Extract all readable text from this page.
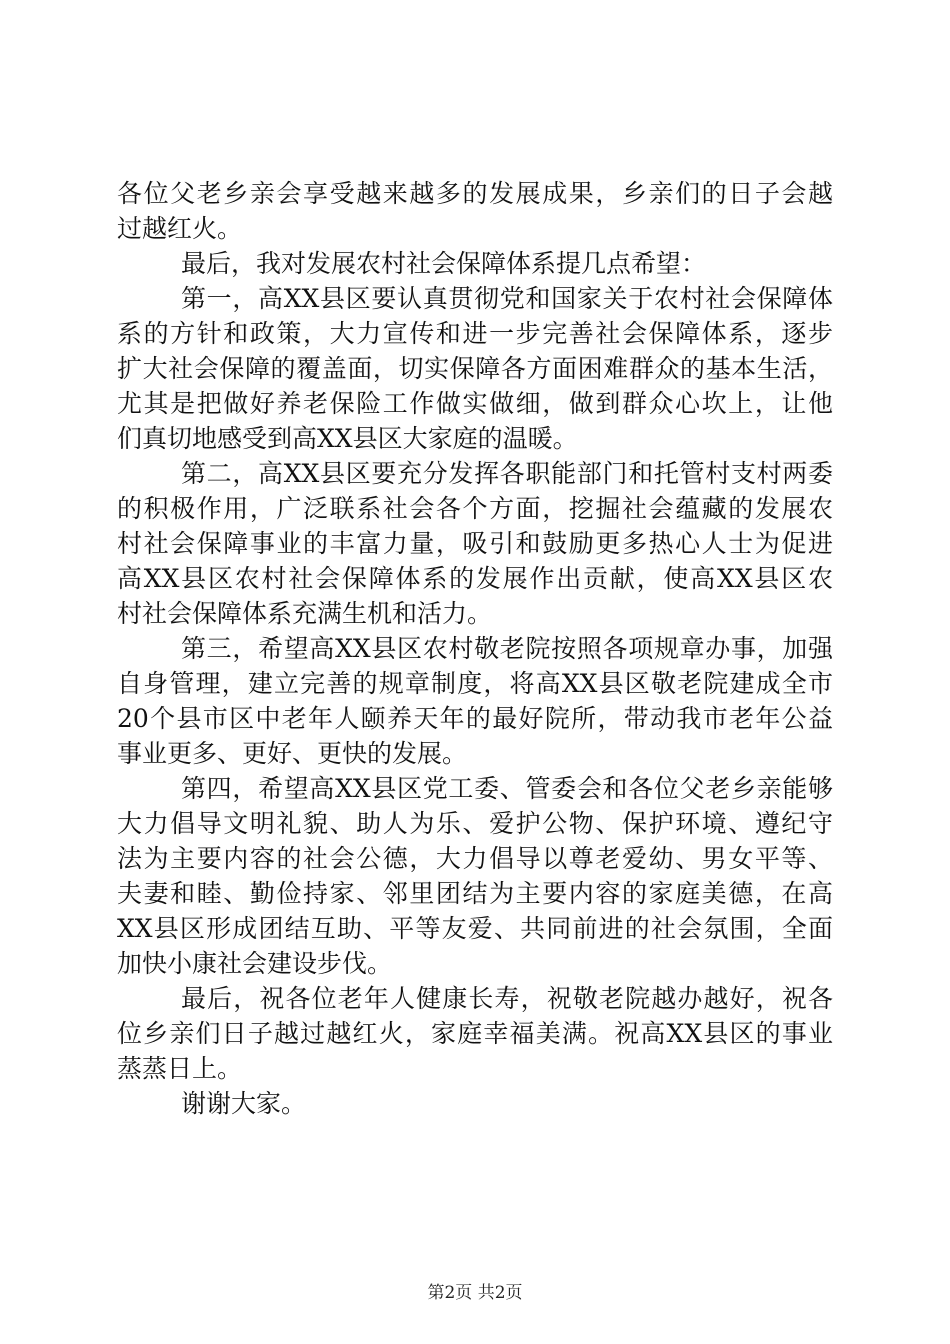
各位父老乡亲会享受越来越多的发展成果，乡亲们的日子会越
过越红火。
最后，我对发展农村社会保障体系提几点希望：
第一，高XX县区要认真贯彻党和国家关于农村社会保障体
系的方针和政策，大力宣传和进一步完善社会保障体系，逐步
扩大社会保障的覆盖面，切实保障各方面困难群众的基本生活，
尤其是把做好养老保险工作做实做细，做到群众心坎上，让他
们真切地感受到高XX县区大家庭的温暖。
第二，高XX县区要充分发挥各职能部门和托管村支村两委
的积极作用，广泛联系社会各个方面，挖掘社会蕴藏的发展农
村社会保障事业的丰富力量，吸引和鼓励更多热心人士为促进
高XX县区农村社会保障体系的发展作出贡献，使高XX县区农
村社会保障体系充满生机和活力。
第三，希望高XX县区农村敬老院按照各项规章办事，加强
自身管理，建立完善的规章制度，将高XX县区敬老院建成全市
20个县市区中老年人颐养天年的最好院所，带动我市老年公益
事业更多、更好、更快的发展。
第四，希望高XX县区党工委、管委会和各位父老乡亲能够
大力倡导文明礼貌、助人为乐、爱护公物、保护环境、遵纪守
法为主要内容的社会公德，大力倡导以尊老爱幼、男女平等、
夫妻和睦、勤俭持家、邻里团结为主要内容的家庭美德，在高
XX县区形成团结互助、平等友爱、共同前进的社会氛围，全面
加快小康社会建设步伐。
最后，祝各位老年人健康长寿，祝敬老院越办越好，祝各
位乡亲们日子越过越红火，家庭幸福美满。祝高XX县区的事业
蒸蒸日上。
谢谢大家。
第2页 共2页
